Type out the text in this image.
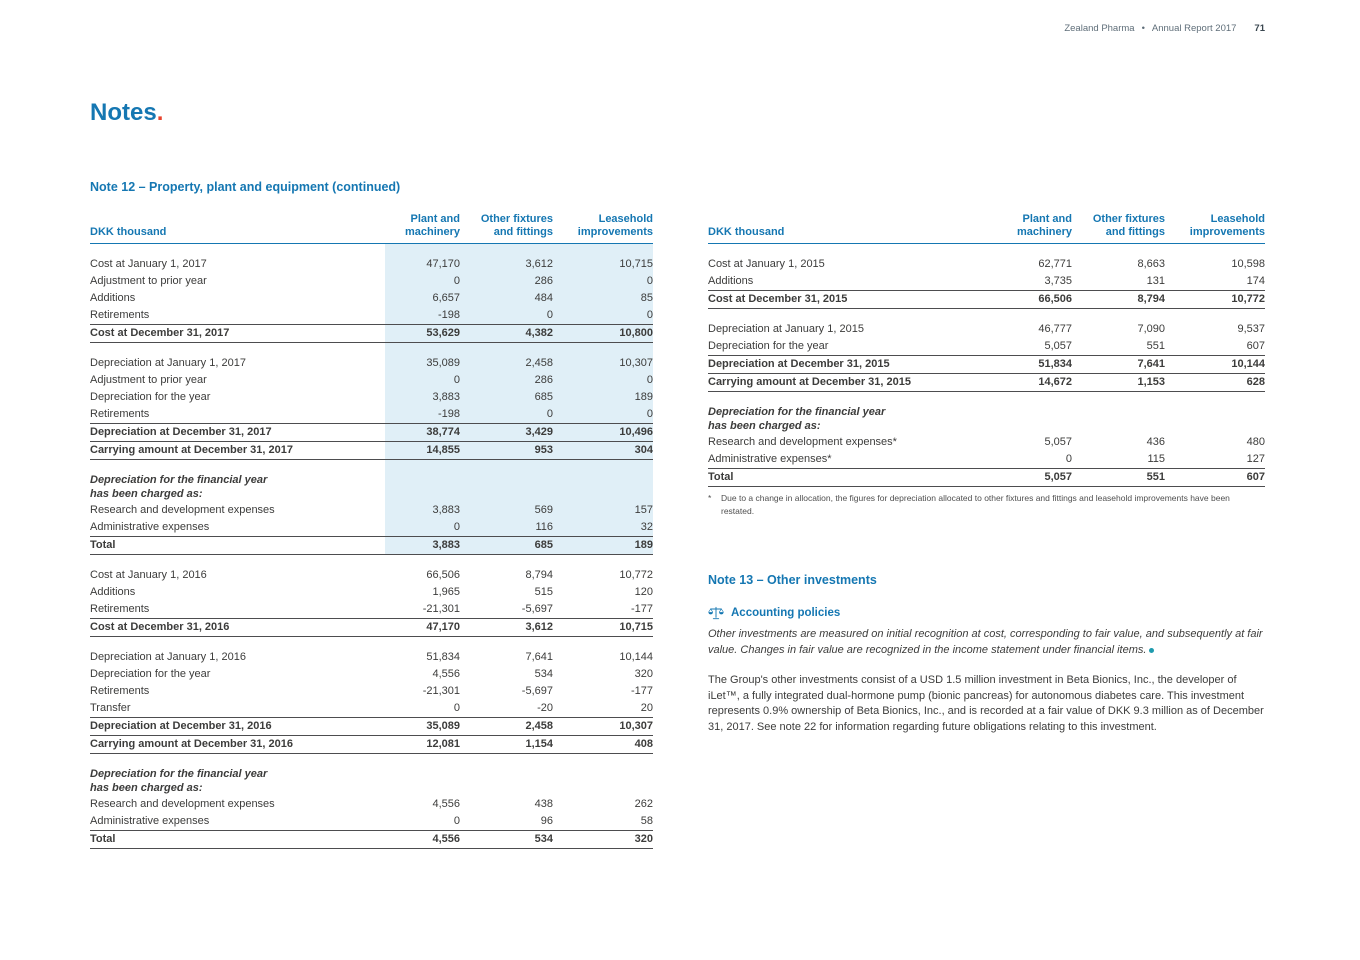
Zealand Pharma • Annual Report 2017 71
Notes.
Note 12 – Property, plant and equipment (continued)
DKK thousand
Plant and
machinery
Other fixtures
and fittings
Leasehold
improvements
Cost at January 1, 2017	47,170	3,612	10,715
Adjustment to prior year	0	286	0
Additions	6,657	484	85
Retirements	-198	0	0
Cost at December 31, 2017	53,629	4,382	10,800
Depreciation at January 1, 2017	35,089	2,458	10,307
Adjustment to prior year	0	286	0
Depreciation for the year	3,883	685	189
Retirements	-198	0	0
Depreciation at December 31, 2017	38,774	3,429	10,496
Carrying amount at December 31, 2017	14,855	953	304
Depreciation for the financial year
has been charged as:
Research and development expenses	3,883	569	157
Administrative expenses	0	116	32
Total	3,883	685	189
Cost at January 1, 2016	66,506	8,794	10,772
Additions	1,965	515	120
Retirements	-21,301	-5,697	-177
Cost at December 31, 2016	47,170	3,612	10,715
Depreciation at January 1, 2016	51,834	7,641	10,144
Depreciation for the year	4,556	534	320
Retirements	-21,301	-5,697	-177
Transfer	0	-20	20
Depreciation at December 31, 2016	35,089	2,458	10,307
Carrying amount at December 31, 2016	12,081	1,154	408
Depreciation for the financial year
has been charged as:
Research and development expenses	4,556	438	262
Administrative expenses	0	96	58
Total	4,556	534	320
DKK thousand
Plant and
machinery
Other fixtures
and fittings
Leasehold
improvements
Cost at January 1, 2015	62,771	8,663	10,598
Additions	3,735	131	174
Cost at December 31, 2015	66,506	8,794	10,772
Depreciation at January 1, 2015	46,777	7,090	9,537
Depreciation for the year	5,057	551	607
Depreciation at December 31, 2015	51,834	7,641	10,144
Carrying amount at December 31, 2015	14,672	1,153	628
Depreciation for the financial year
has been charged as:
Research and development expenses*	5,057	436	480
Administrative expenses*	0	115	127
Total	5,057	551	607
*	Due to a change in allocation, the figures for depreciation allocated to other fixtures and fittings and leasehold improvements have been restated.
Note 13 – Other investments
Accounting policies

Other investments are measured on initial recognition at cost, corresponding to fair value, and subsequently at fair value. Changes in fair value are recognized in the income statement under financial items.

The Group's other investments consist of a USD 1.5 million investment in Beta Bionics, Inc., the developer of iLet™, a fully integrated dual-hormone pump (bionic pancreas) for autonomous diabetes care. This investment represents 0.9% ownership of Beta Bionics, Inc., and is recorded at a fair value of DKK 9.3 million as of December 31, 2017. See note 22 for information regarding future obligations relating to this investment.
